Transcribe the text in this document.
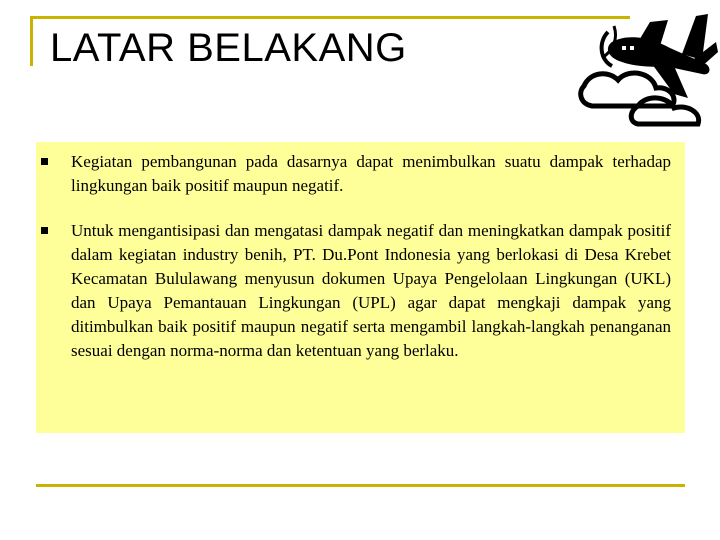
LATAR BELAKANG
Kegiatan pembangunan pada dasarnya dapat menimbulkan suatu dampak terhadap lingkungan baik positif maupun negatif.
Untuk mengantisipasi dan mengatasi dampak negatif dan meningkatkan dampak positif dalam kegiatan industry benih, PT. Du.Pont Indonesia yang berlokasi di Desa Krebet Kecamatan Bululawang menyusun dokumen Upaya Pengelolaan Lingkungan (UKL) dan Upaya Pemantauan Lingkungan (UPL) agar dapat mengkaji dampak yang ditimbulkan baik positif maupun negatif serta mengambil langkah-langkah penanganan sesuai dengan norma-norma dan ketentuan yang berlaku.
